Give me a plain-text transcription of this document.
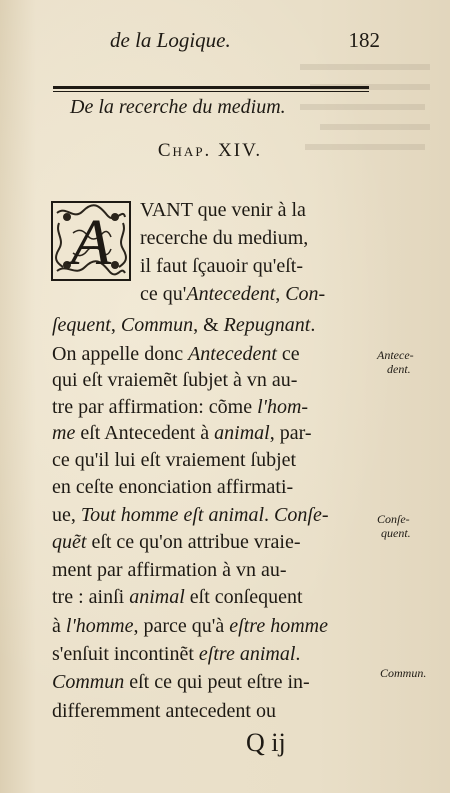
de la Logique.	182
De la recerche du medium.
Chap. XIV.
A	VANT que venir à la
recerche du medium,
il faut ſçauoir qu'eſt-
ce qu'Antecedent, Con-
ſequent, Commun, & Repugnant.
On appelle donc Antecedent ce
qui eſt vraiemẽt ſubjet à vn au-
tre par affirmation: cõme l'hom-
me eſt Antecedent à animal, par-
ce qu'il lui eſt vraiement ſubjet
en ceſte enonciation affirmati-
ue, Tout homme eſt animal. Conſe-
quẽt eſt ce qu'on attribue vraie-
ment par affirmation à vn au-
tre : ainſi animal eſt conſequent
à l'homme, parce qu'à eſtre homme
s'enſuit incontinẽt eſtre animal.
Commun eſt ce qui peut eſtre in-
differemment antecedent ou
Antece-
dent.
Conſe-
quent.
Commun.
Q ij
